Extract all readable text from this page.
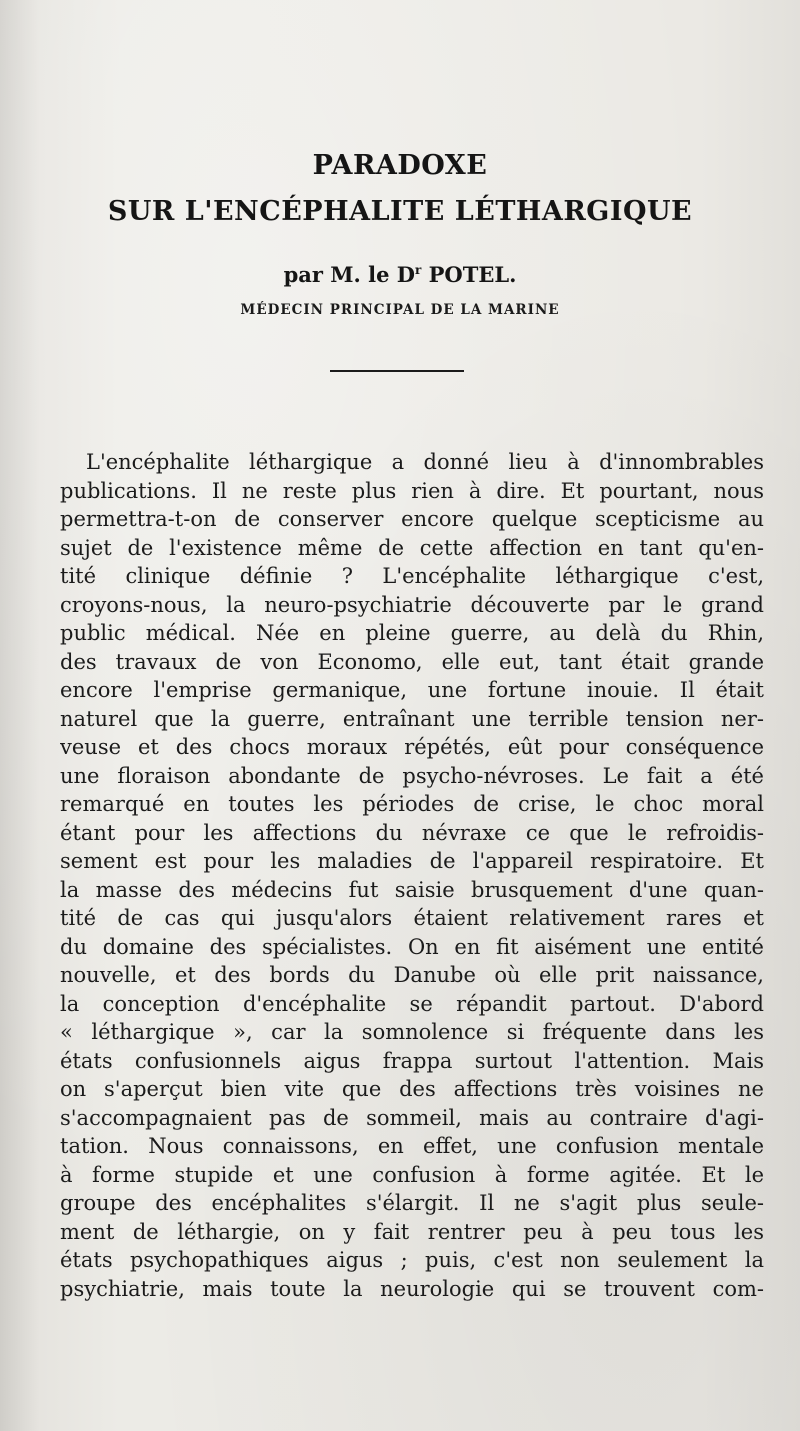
PARADOXE
SUR L'ENCÉPHALITE LÉTHARGIQUE
par M. le $D^r$ POTEL.
MÉDECIN PRINCIPAL DE LA MARINE
L'encéphalite léthargique a donné lieu à d'innombrables
publications. Il ne reste plus rien à dire. Et pourtant, nous
permettra-t-on de conserver encore quelque scepticisme au
sujet de l'existence même de cette affection en tant qu'en-
tité clinique définie ? L'encéphalite léthargique c'est,
croyons-nous, la neuro-psychiatrie découverte par le grand
public médical. Née en pleine guerre, au delà du Rhin,
des travaux de von Economo, elle eut, tant était grande
encore l'emprise germanique, une fortune inouie. Il était
naturel que la guerre, entraînant une terrible tension ner-
veuse et des chocs moraux répétés, eût pour conséquence
une floraison abondante de psycho-névroses. Le fait a été
remarqué en toutes les périodes de crise, le choc moral
étant pour les affections du névraxe ce que le refroidis-
sement est pour les maladies de l'appareil respiratoire. Et
la masse des médecins fut saisie brusquement d'une quan-
tité de cas qui jusqu'alors étaient relativement rares et
du domaine des spécialistes. On en fit aisément une entité
nouvelle, et des bords du Danube où elle prit naissance,
la conception d'encéphalite se répandit partout. D'abord
« léthargique », car la somnolence si fréquente dans les
états confusionnels aigus frappa surtout l'attention. Mais
on s'aperçut bien vite que des affections très voisines ne
s'accompagnaient pas de sommeil, mais au contraire d'agi-
tation. Nous connaissons, en effet, une confusion mentale
à forme stupide et une confusion à forme agitée. Et le
groupe des encéphalites s'élargit. Il ne s'agit plus seule-
ment de léthargie, on y fait rentrer peu à peu tous les
états psychopathiques aigus ; puis, c'est non seulement la
psychiatrie, mais toute la neurologie qui se trouvent com-
